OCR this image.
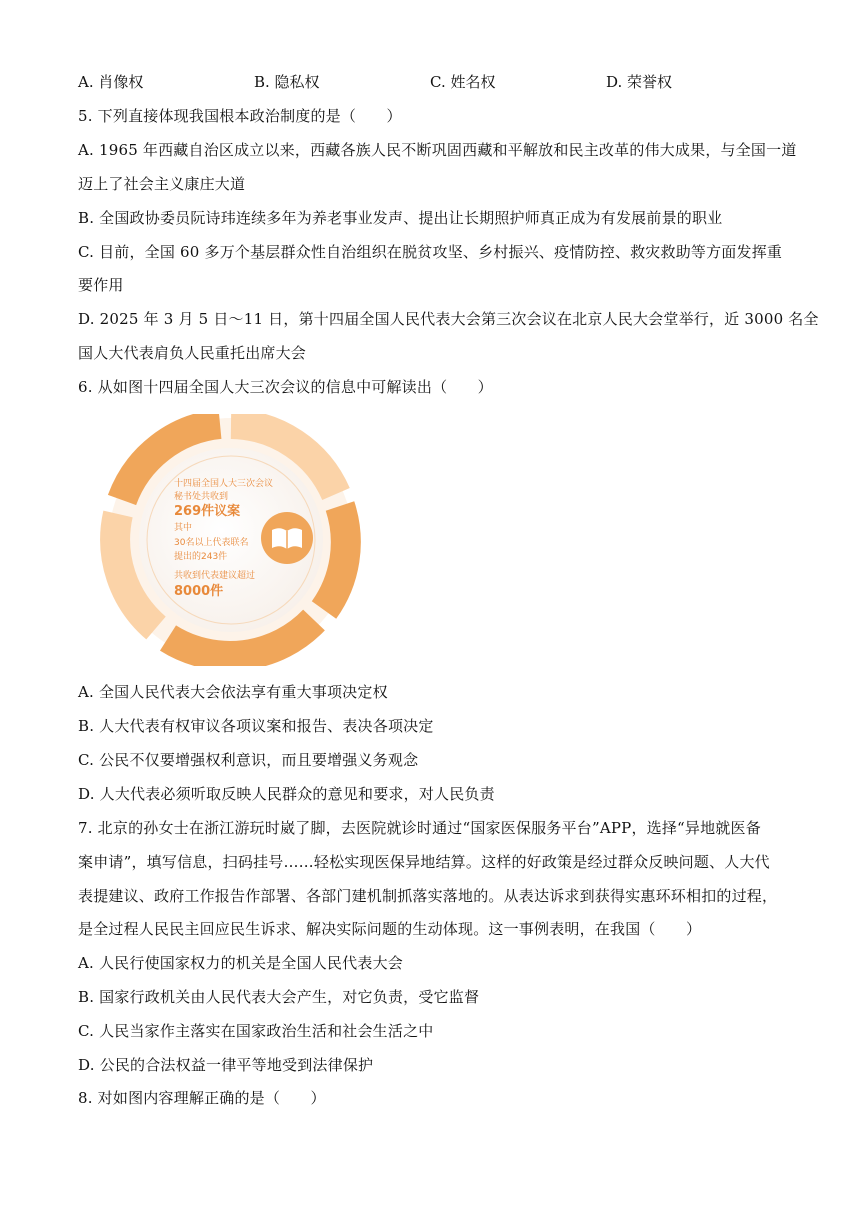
A. 肖像权	B. 隐私权	C. 姓名权	D. 荣誉权
5. 下列直接体现我国根本政治制度的是（　　）
A. 1965 年西藏自治区成立以来，西藏各族人民不断巩固西藏和平解放和民主改革的伟大成果，与全国一道
迈上了社会主义康庄大道
B. 全国政协委员阮诗玮连续多年为养老事业发声、提出让长期照护师真正成为有发展前景的职业
C. 目前，全国 60 多万个基层群众性自治组织在脱贫攻坚、乡村振兴、疫情防控、救灾救助等方面发挥重
要作用
D. 2025 年 3 月 5 日～11 日，第十四届全国人民代表大会第三次会议在北京人民大会堂举行，近 3000 名全
国人大代表肩负人民重托出席大会
6. 从如图十四届全国人大三次会议的信息中可解读出（　　）
十四届全国人大三次会议
秘书处共收到
269件议案
其中
30名以上代表联名
提出的243件
共收到代表建议超过
8000件
A. 全国人民代表大会依法享有重大事项决定权
B. 人大代表有权审议各项议案和报告、表决各项决定
C. 公民不仅要增强权利意识，而且要增强义务观念
D. 人大代表必须听取反映人民群众的意见和要求，对人民负责
7. 北京的孙女士在浙江游玩时崴了脚，去医院就诊时通过“国家医保服务平台”APP，选择“异地就医备
案申请”，填写信息，扫码挂号……轻松实现医保异地结算。这样的好政策是经过群众反映问题、人大代
表提建议、政府工作报告作部署、各部门建机制抓落实落地的。从表达诉求到获得实惠环环相扣的过程，
是全过程人民民主回应民生诉求、解决实际问题的生动体现。这一事例表明，在我国（　　）
A. 人民行使国家权力的机关是全国人民代表大会
B. 国家行政机关由人民代表大会产生，对它负责，受它监督
C. 人民当家作主落实在国家政治生活和社会生活之中
D. 公民的合法权益一律平等地受到法律保护
8. 对如图内容理解正确的是（　　）
